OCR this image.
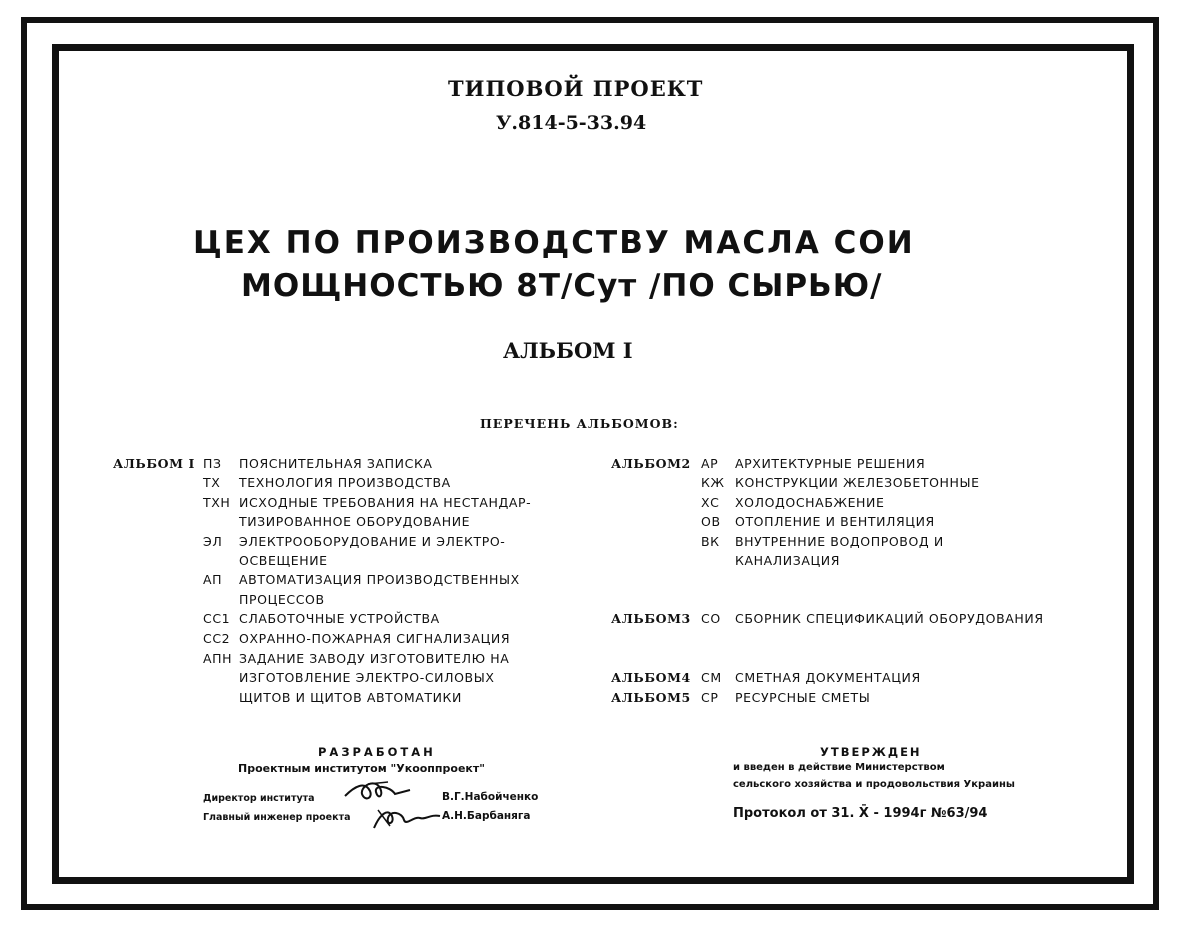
ТИПОВОЙ ПРОЕКТ
У.814-5-33.94
ЦЕХ ПО ПРОИЗВОДСТВУ МАСЛА СОИ
МОЩНОСТЬЮ 8Т/Сут /ПО СЫРЬЮ/
АЛЬБОМ I
ПЕРЕЧЕНЬ АЛЬБОМОВ:
АЛЬБОМ I ПЗ ПОЯСНИТЕЛЬНАЯ ЗАПИСКА
ТХ ТЕХНОЛОГИЯ ПРОИЗВОДСТВА
ТХН ИСХОДНЫЕ ТРЕБОВАНИЯ НА НЕСТАНДАР-
ТИЗИРОВАННОЕ ОБОРУДОВАНИЕ
ЭЛ ЭЛЕКТРООБОРУДОВАНИЕ И ЭЛЕКТРО-
ОСВЕЩЕНИЕ
АП АВТОМАТИЗАЦИЯ ПРОИЗВОДСТВЕННЫХ
ПРОЦЕССОВ
СС1 СЛАБОТОЧНЫЕ УСТРОЙСТВА
СС2 ОХРАННО-ПОЖАРНАЯ СИГНАЛИЗАЦИЯ
АПН ЗАДАНИЕ ЗАВОДУ ИЗГОТОВИТЕЛЮ НА
ИЗГОТОВЛЕНИЕ ЭЛЕКТРО-СИЛОВЫХ
ЩИТОВ И ЩИТОВ АВТОМАТИКИ
АЛЬБОМ2 АР АРХИТЕКТУРНЫЕ РЕШЕНИЯ
КЖ КОНСТРУКЦИИ ЖЕЛЕЗОБЕТОННЫЕ
ХС ХОЛОДОСНАБЖЕНИЕ
ОВ ОТОПЛЕНИЕ И ВЕНТИЛЯЦИЯ
ВК ВНУТРЕННИЕ ВОДОПРОВОД И
КАНАЛИЗАЦИЯ
АЛЬБОМ3 СО СБОРНИК СПЕЦИФИКАЦИЙ ОБОРУДОВАНИЯ
АЛЬБОМ4 СМ СМЕТНАЯ ДОКУМЕНТАЦИЯ
АЛЬБОМ5 СР РЕСУРСНЫЕ СМЕТЫ
РАЗРАБОТАН
Проектным институтом "Укооппроект"
Директор института	В.Г.Набойченко
Главный инженер проекта	А.Н.Барбаняга
УТВЕРЖДЕН
и введен в действие Министерством
сельского хозяйства и продовольствия Украины
Протокол от 31. X̄ - 1994г №63/94
